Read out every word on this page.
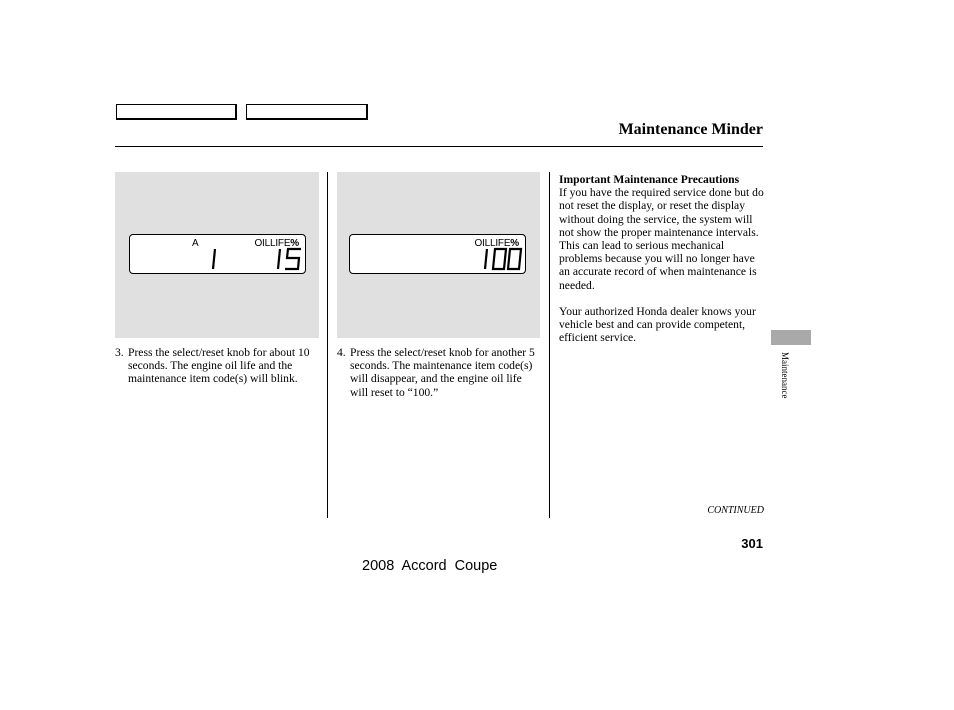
Maintenance Minder
A	OILLIFE%	OILLIFE%
3. Press the select/reset knob for about 10 seconds. The engine oil life and the maintenance item code(s) will blink.
4. Press the select/reset knob for another 5 seconds. The maintenance item code(s) will disappear, and the engine oil life will reset to “100.”
Important Maintenance Precautions

If you have the required service done but do not reset the display, or reset the display without doing the service, the system will not show the proper maintenance intervals. This can lead to serious mechanical problems because you will no longer have an accurate record of when maintenance is needed.

Your authorized Honda dealer knows your vehicle best and can provide competent, efficient service.

Maintenance
CONTINUED
301
2008 Accord Coupe
